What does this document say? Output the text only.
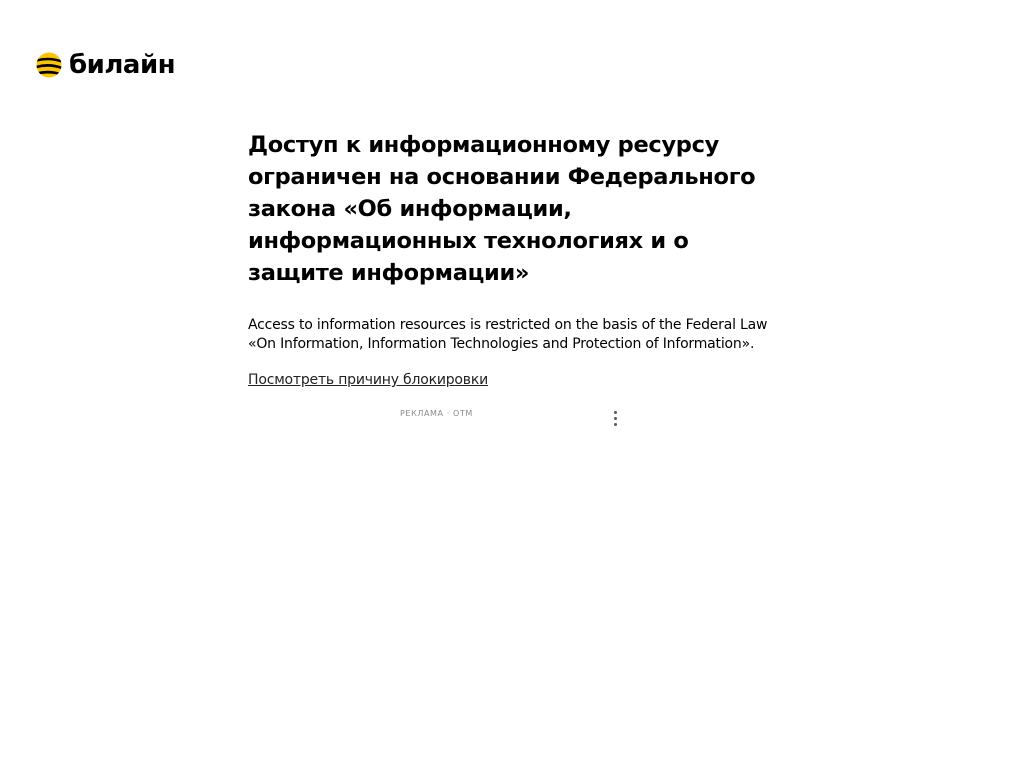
билайн
Доступ к информационному ресурсу ограничен на основании Федерального закона «Об информации, информационных технологиях и о защите информации»

Access to information resources is restricted on the basis of the Federal Law «On Information, Information Technologies and Protection of Information».

Посмотреть причину блокировки
РЕКЛАМА · OTM
